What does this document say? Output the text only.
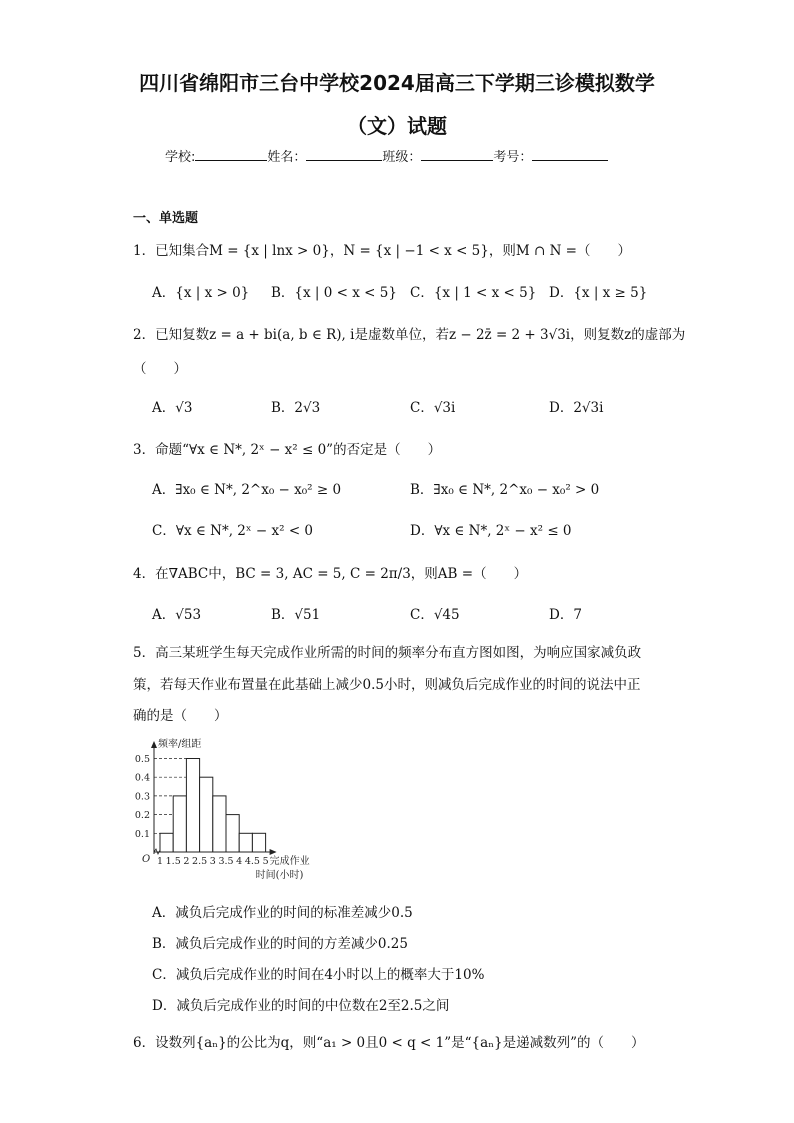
四川省绵阳市三台中学校2024届高三下学期三诊模拟数学
（文）试题
学校:	姓名：	班级：	考号：
一、单选题
1．已知集合M = {x | lnx > 0}，N = {x | −1 < x < 5}，则M ∩ N =（　　）
A．{x | x > 0} B．{x | 0 < x < 5} C．{x | 1 < x < 5} D．{x | x ≥ 5}
2．已知复数z = a + bi(a, b ∈ R), i是虚数单位，若z − 2z̄ = 2 + 3√3i，则复数z的虚部为
（　　）
A．√3	B．2√3	C．√3i	D．2√3i
3．命题“∀x ∈ N*, 2ˣ − x² ≤ 0”的否定是（　　）
A．∃x₀ ∈ N*, 2^x₀ − x₀² ≥ 0	B．∃x₀ ∈ N*, 2^x₀ − x₀² > 0
C．∀x ∈ N*, 2ˣ − x² < 0	D．∀x ∈ N*, 2ˣ − x² ≤ 0
4．在∇ABC中，BC = 3, AC = 5, C = 2π/3，则AB =（　　）
A．√53	B．√51	C．√45	D．7
5．高三某班学生每天完成作业所需的时间的频率分布直方图如图，为响应国家减负政
策，若每天作业布置量在此基础上减少0.5小时，则减负后完成作业的时间的说法中正
确的是（　　）
0.1
0.2
0.3
0.4
0.5
1 1.5 2 2.5 3 3.5 4 4.5 5
O
频率/组距
完成作业
时间(小时)
A．减负后完成作业的时间的标准差减少0.5
B．减负后完成作业的时间的方差减少0.25
C．减负后完成作业的时间在4小时以上的概率大于10%
D．减负后完成作业的时间的中位数在2至2.5之间
6．设数列{aₙ}的公比为q，则“a₁ > 0且0 < q < 1”是“{aₙ}是递减数列”的（　　）
